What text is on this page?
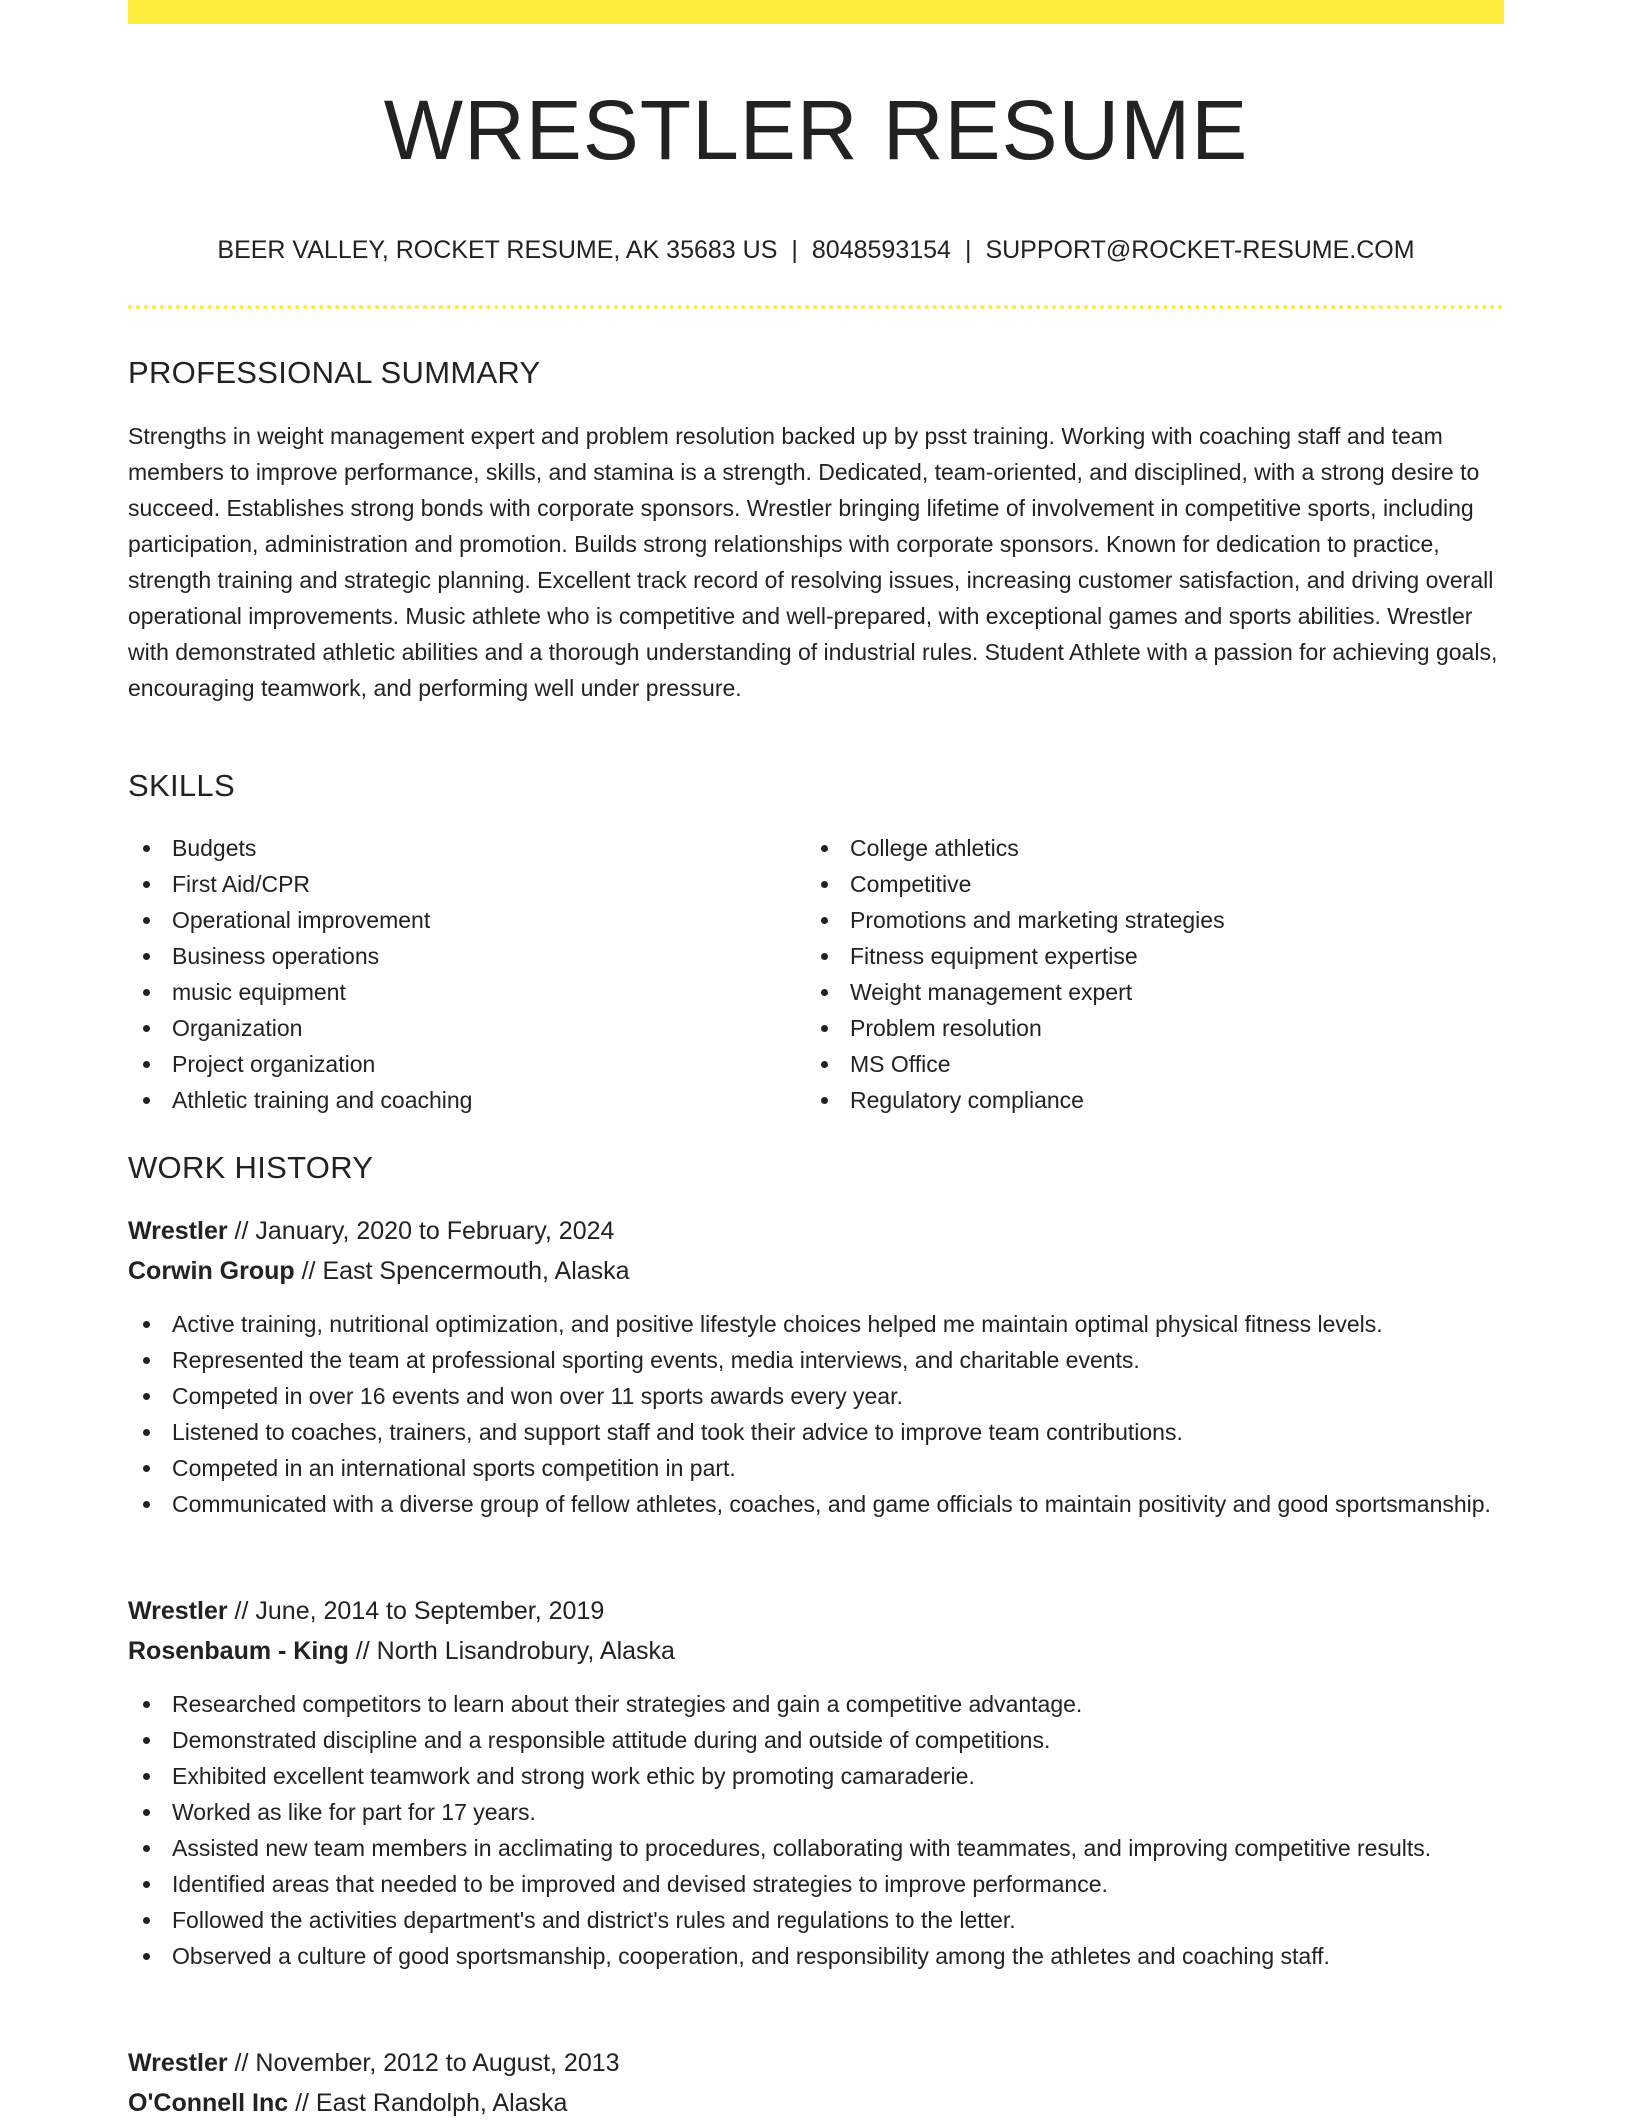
WRESTLER RESUME
BEER VALLEY, ROCKET RESUME, AK 35683 US | 8048593154 | SUPPORT@ROCKET-RESUME.COM
PROFESSIONAL SUMMARY

Strengths in weight management expert and problem resolution backed up by psst training. Working with coaching staff and team members to improve performance, skills, and stamina is a strength. Dedicated, team-oriented, and disciplined, with a strong desire to succeed. Establishes strong bonds with corporate sponsors. Wrestler bringing lifetime of involvement in competitive sports, including participation, administration and promotion. Builds strong relationships with corporate sponsors. Known for dedication to practice, strength training and strategic planning. Excellent track record of resolving issues, increasing customer satisfaction, and driving overall operational improvements. Music athlete who is competitive and well-prepared, with exceptional games and sports abilities. Wrestler with demonstrated athletic abilities and a thorough understanding of industrial rules. Student Athlete with a passion for achieving goals, encouraging teamwork, and performing well under pressure.

SKILLS
Budgets
First Aid/CPR
Operational improvement
Business operations
music equipment
Organization
Project organization
Athletic training and coaching
College athletics
Competitive
Promotions and marketing strategies
Fitness equipment expertise
Weight management expert
Problem resolution
MS Office
Regulatory compliance
WORK HISTORY
Wrestler // January, 2020 to February, 2024
Corwin Group // East Spencermouth, Alaska
Active training, nutritional optimization, and positive lifestyle choices helped me maintain optimal physical fitness levels.
Represented the team at professional sporting events, media interviews, and charitable events.
Competed in over 16 events and won over 11 sports awards every year.
Listened to coaches, trainers, and support staff and took their advice to improve team contributions.
Competed in an international sports competition in part.
Communicated with a diverse group of fellow athletes, coaches, and game officials to maintain positivity and good sportsmanship.
Wrestler // June, 2014 to September, 2019
Rosenbaum - King // North Lisandrobury, Alaska
Researched competitors to learn about their strategies and gain a competitive advantage.
Demonstrated discipline and a responsible attitude during and outside of competitions.
Exhibited excellent teamwork and strong work ethic by promoting camaraderie.
Worked as like for part for 17 years.
Assisted new team members in acclimating to procedures, collaborating with teammates, and improving competitive results.
Identified areas that needed to be improved and devised strategies to improve performance.
Followed the activities department's and district's rules and regulations to the letter.
Observed a culture of good sportsmanship, cooperation, and responsibility among the athletes and coaching staff.
Wrestler // November, 2012 to August, 2013
O'Connell Inc // East Randolph, Alaska
